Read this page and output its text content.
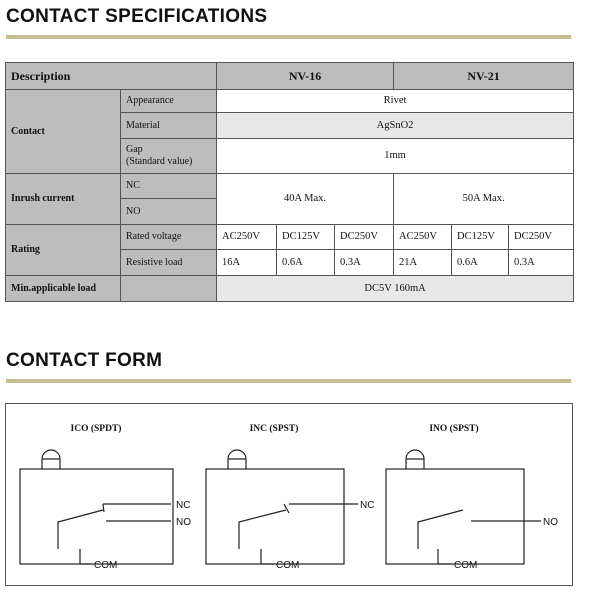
CONTACT SPECIFICATIONS
Description		NV-16			NV-21		
Contact	Appearance	Rivet					
	Material	AgSnO2					
	Gap
(Standard value)	1mm					
Inrush current	NC	40A Max.			50A Max.		
	NO						
Rating	Rated voltage	AC250V	DC125V	DC250V	AC250V	DC125V	DC250V
	Resistive load	16A	0.6A	0.3A	21A	0.6A	0.3A
Min.applicable load		DC5V 160mA					
CONTACT FORM
ICO (SPDT)	INC (SPST)	INO (SPST)
NC
NO
COM
NC
COM
NO
COM
